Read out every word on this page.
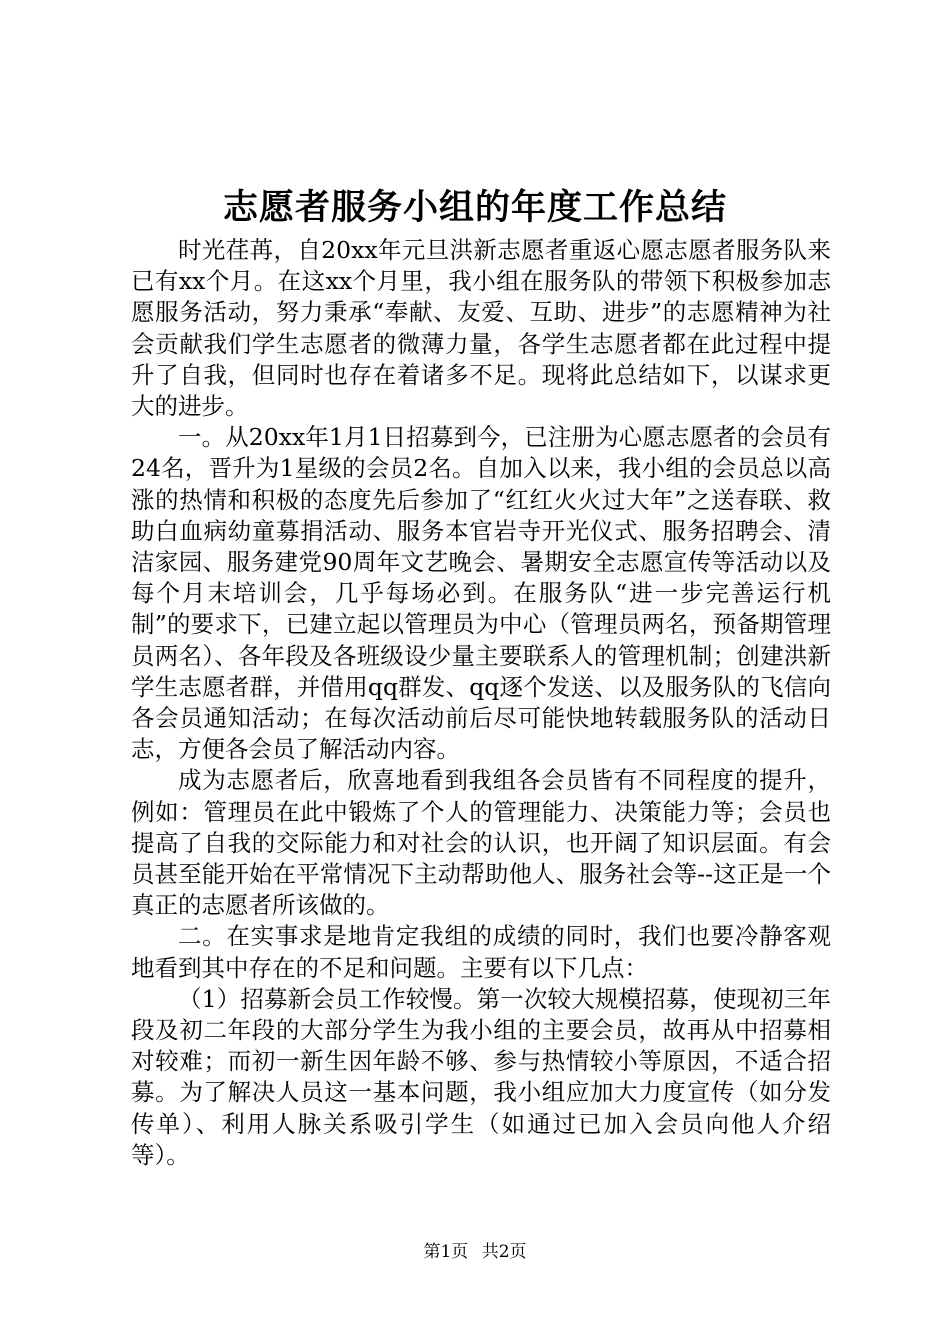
志愿者服务小组的年度工作总结

时光荏苒，自20xx年元旦洪新志愿者重返心愿志愿者服务队来已有xx个月。在这xx个月里，我小组在服务队的带领下积极参加志愿服务活动，努力秉承“奉献、友爱、互助、进步”的志愿精神为社会贡献我们学生志愿者的微薄力量，各学生志愿者都在此过程中提升了自我，但同时也存在着诸多不足。现将此总结如下，以谋求更大的进步。

一。从20xx年1月1日招募到今，已注册为心愿志愿者的会员有24名，晋升为1星级的会员2名。自加入以来，我小组的会员总以高涨的热情和积极的态度先后参加了“红红火火过大年”之送春联、救助白血病幼童募捐活动、服务本官岩寺开光仪式、服务招聘会、清洁家园、服务建党90周年文艺晚会、暑期安全志愿宣传等活动以及每个月末培训会，几乎每场必到。在服务队“进一步完善运行机制”的要求下，已建立起以管理员为中心（管理员两名，预备期管理员两名）、各年段及各班级设少量主要联系人的管理机制；创建洪新学生志愿者群，并借用qq群发、qq逐个发送、以及服务队的飞信向各会员通知活动；在每次活动前后尽可能快地转载服务队的活动日志，方便各会员了解活动内容。

成为志愿者后，欣喜地看到我组各会员皆有不同程度的提升，例如：管理员在此中锻炼了个人的管理能力、决策能力等；会员也提高了自我的交际能力和对社会的认识，也开阔了知识层面。有会员甚至能开始在平常情况下主动帮助他人、服务社会等--这正是一个真正的志愿者所该做的。

二。在实事求是地肯定我组的成绩的同时，我们也要冷静客观地看到其中存在的不足和问题。主要有以下几点：

（1）招募新会员工作较慢。第一次较大规模招募，使现初三年段及初二年段的大部分学生为我小组的主要会员，故再从中招募相对较难；而初一新生因年龄不够、参与热情较小等原因，不适合招募。为了解决人员这一基本问题，我小组应加大力度宣传（如分发传单）、利用人脉关系吸引学生（如通过已加入会员向他人介绍等）。

第1页 共2页
